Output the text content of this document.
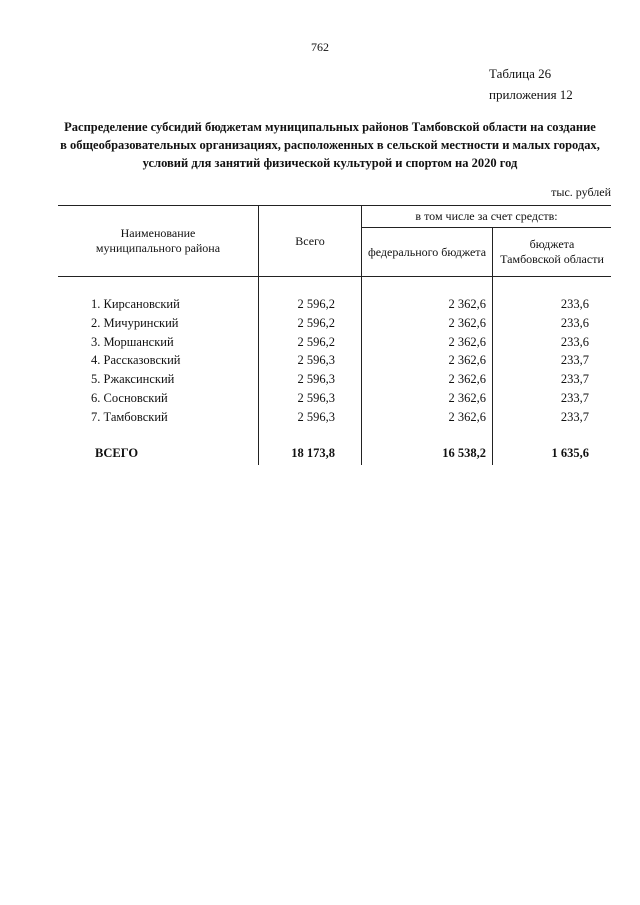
762
Таблица 26
приложения 12
Распределение субсидий бюджетам муниципальных районов Тамбовской области на создание в общеобразовательных организациях, расположенных в сельской местности и малых городах, условий для занятий физической культурой и спортом на 2020 год
тыс. рублей
Наименование
муниципального района	Всего	в том числе за счет средств:	
		федерального бюджета	бюджета
Тамбовской области

1. Кирсановский	2 596,2	2 362,6	233,6
2. Мичуринский	2 596,2	2 362,6	233,6
3. Моршанский	2 596,2	2 362,6	233,6
4. Рассказовский	2 596,3	2 362,6	233,7
5. Ржаксинский	2 596,3	2 362,6	233,7
6. Сосновский	2 596,3	2 362,6	233,7
7. Тамбовский	2 596,3	2 362,6	233,7

ВСЕГО	18 173,8	16 538,2	1 635,6
